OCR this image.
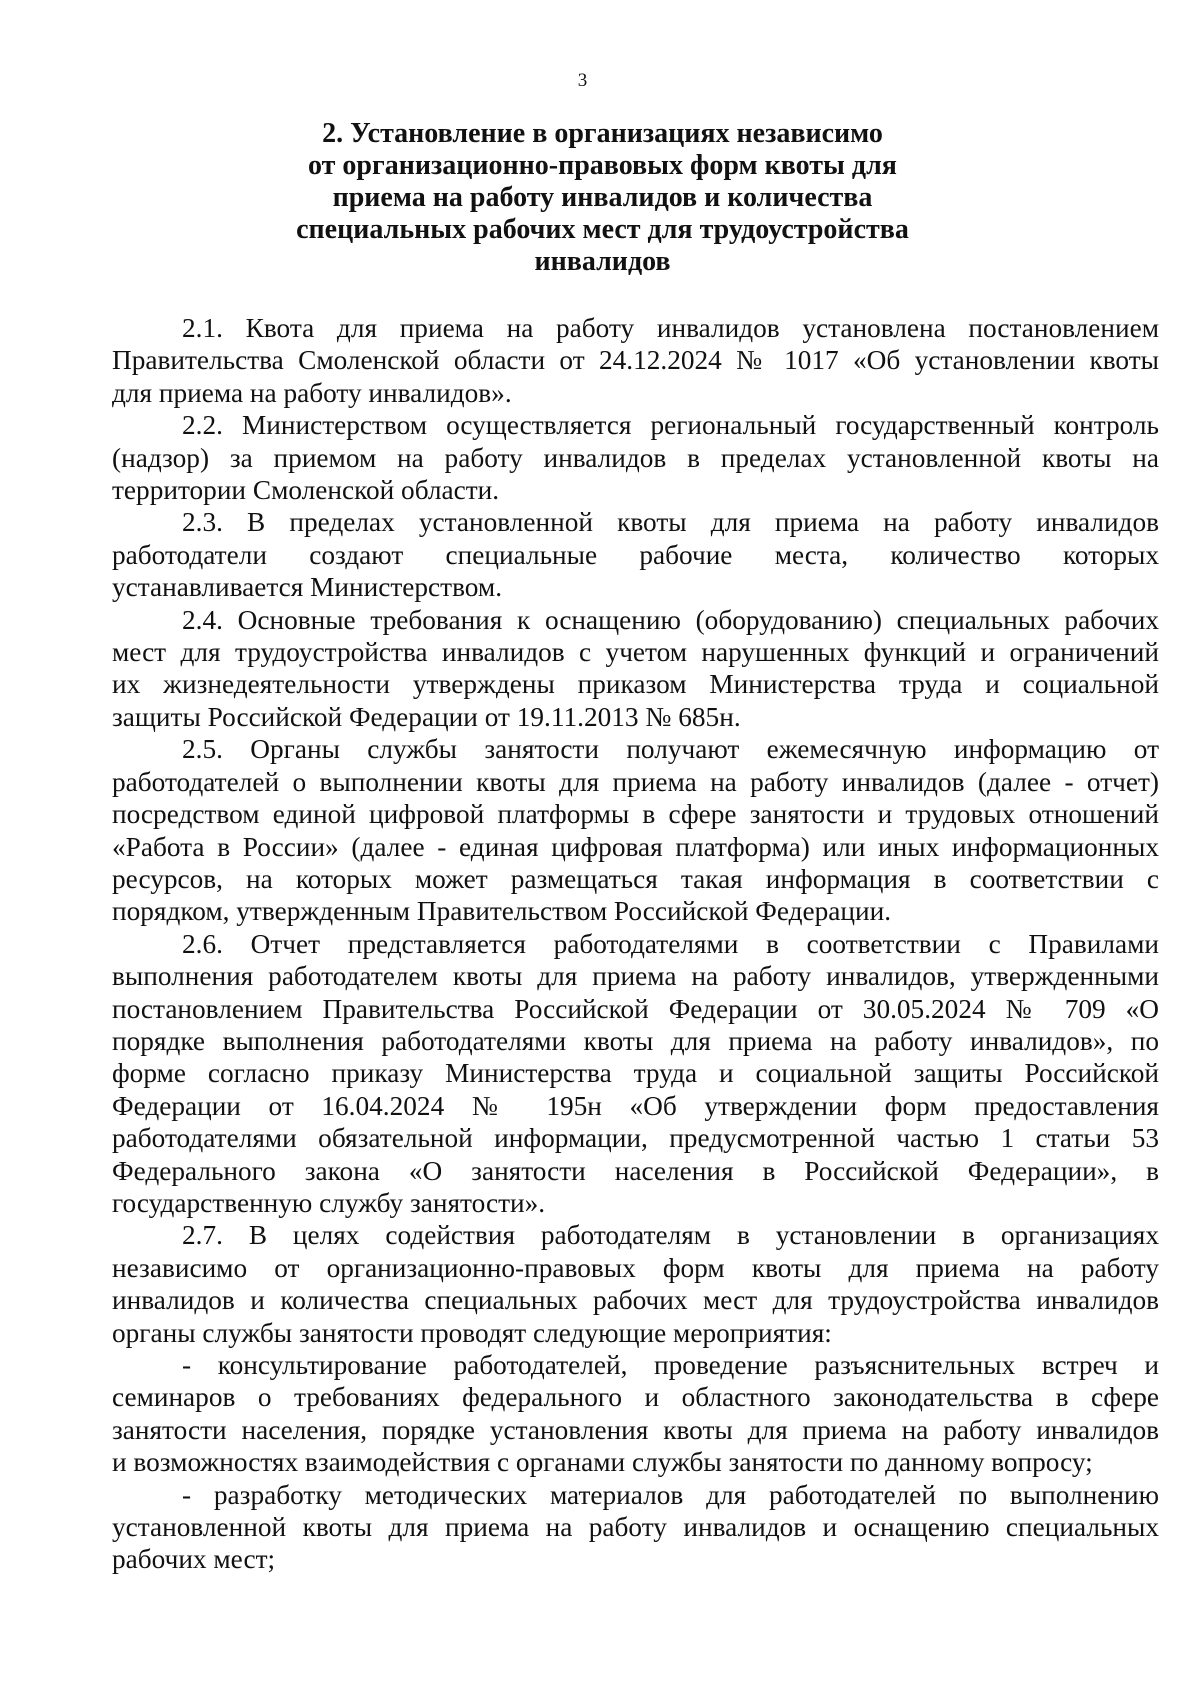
3
2. Установление в организациях независимо
от организационно-правовых форм квоты для
приема на работу инвалидов и количества
специальных рабочих мест для трудоустройства
инвалидов
2.1. Квота для приема на работу инвалидов установлена постановлением
Правительства Смоленской области от 24.12.2024 № 1017 «Об установлении квоты
для приема на работу инвалидов».
2.2. Министерством осуществляется региональный государственный контроль
(надзор) за приемом на работу инвалидов в пределах установленной квоты на
территории Смоленской области.
2.3. В пределах установленной квоты для приема на работу инвалидов
работодатели создают специальные рабочие места, количество которых
устанавливается Министерством.
2.4. Основные требования к оснащению (оборудованию) специальных рабочих
мест для трудоустройства инвалидов с учетом нарушенных функций и ограничений
их жизнедеятельности утверждены приказом Министерства труда и социальной
защиты Российской Федерации от 19.11.2013 № 685н.
2.5. Органы службы занятости получают ежемесячную информацию от
работодателей о выполнении квоты для приема на работу инвалидов (далее - отчет)
посредством единой цифровой платформы в сфере занятости и трудовых отношений
«Работа в России» (далее - единая цифровая платформа) или иных информационных
ресурсов, на которых может размещаться такая информация в соответствии с
порядком, утвержденным Правительством Российской Федерации.
2.6. Отчет представляется работодателями в соответствии с Правилами
выполнения работодателем квоты для приема на работу инвалидов, утвержденными
постановлением Правительства Российской Федерации от 30.05.2024 № 709 «О
порядке выполнения работодателями квоты для приема на работу инвалидов», по
форме согласно приказу Министерства труда и социальной защиты Российской
Федерации от 16.04.2024 № 195н «Об утверждении форм предоставления
работодателями обязательной информации, предусмотренной частью 1 статьи 53
Федерального закона «О занятости населения в Российской Федерации», в
государственную службу занятости».
2.7. В целях содействия работодателям в установлении в организациях
независимо от организационно-правовых форм квоты для приема на работу
инвалидов и количества специальных рабочих мест для трудоустройства инвалидов
органы службы занятости проводят следующие мероприятия:
- консультирование работодателей, проведение разъяснительных встреч и
семинаров о требованиях федерального и областного законодательства в сфере
занятости населения, порядке установления квоты для приема на работу инвалидов
и возможностях взаимодействия с органами службы занятости по данному вопросу;
- разработку методических материалов для работодателей по выполнению
установленной квоты для приема на работу инвалидов и оснащению специальных
рабочих мест;
